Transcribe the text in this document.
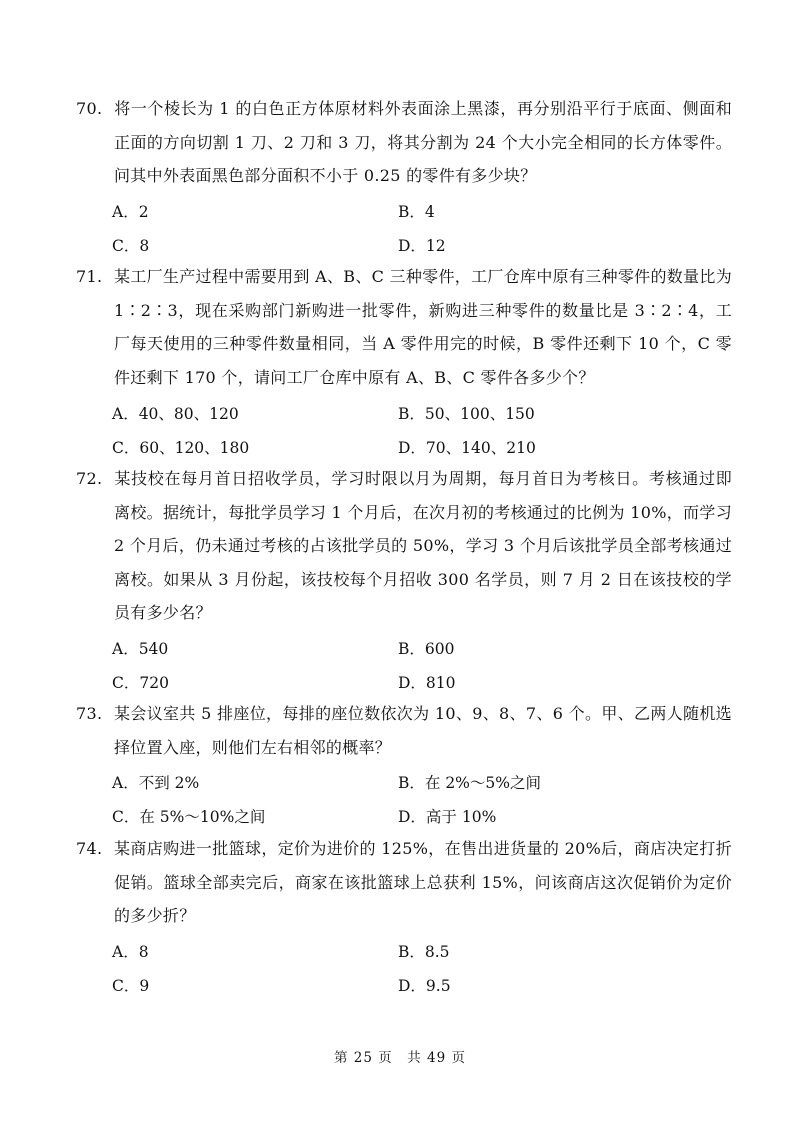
70. 将一个棱长为 1 的白色正方体原材料外表面涂上黑漆，再分别沿平行于底面、侧面和正面的方向切割 1 刀、2 刀和 3 刀，将其分割为 24 个大小完全相同的长方体零件。问其中外表面黑色部分面积不小于 0.25 的零件有多少块？

A．2	B．4
C．8	D．12

71. 某工厂生产过程中需要用到 A、B、C 三种零件，工厂仓库中原有三种零件的数量比为 1∶2∶3，现在采购部门新购进一批零件，新购进三种零件的数量比是 3∶2∶4，工厂每天使用的三种零件数量相同，当 A 零件用完的时候，B 零件还剩下 10 个，C 零件还剩下 170 个，请问工厂仓库中原有 A、B、C 零件各多少个？

A．40、80、120	B．50、100、150
C．60、120、180	D．70、140、210

72. 某技校在每月首日招收学员，学习时限以月为周期，每月首日为考核日。考核通过即离校。据统计，每批学员学习 1 个月后，在次月初的考核通过的比例为 10%，而学习 2 个月后，仍未通过考核的占该批学员的 50%，学习 3 个月后该批学员全部考核通过离校。如果从 3 月份起，该技校每个月招收 300 名学员，则 7 月 2 日在该技校的学员有多少名？

A．540	B．600
C．720	D．810

73. 某会议室共 5 排座位，每排的座位数依次为 10、9、8、7、6 个。甲、乙两人随机选择位置入座，则他们左右相邻的概率？

A．不到 2%	B．在 2%～5%之间
C．在 5%～10%之间	D．高于 10%

74. 某商店购进一批篮球，定价为进价的 125%，在售出进货量的 20%后，商店决定打折促销。篮球全部卖完后，商家在该批篮球上总获利 15%，问该商店这次促销价为定价的多少折？

A．8	B．8.5
C．9	D．9.5
第 25 页　共 49 页
